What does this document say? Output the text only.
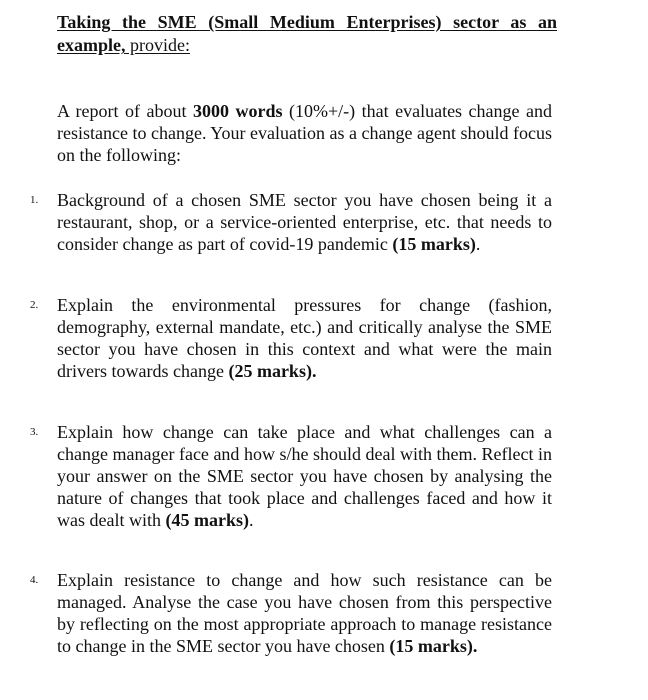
Taking the SME (Small Medium Enterprises) sector as an example, provide:
A report of about 3000 words (10%+/-) that evaluates change and resistance to change. Your evaluation as a change agent should focus on the following:
1.	Background of a chosen SME sector you have chosen being it a restaurant, shop, or a service-oriented enterprise, etc. that needs to consider change as part of covid-19 pandemic (15 marks).
2.	Explain the environmental pressures for change (fashion, demography, external mandate, etc.) and critically analyse the SME sector you have chosen in this context and what were the main drivers towards change (25 marks).
3.	Explain how change can take place and what challenges can a change manager face and how s/he should deal with them. Reflect in your answer on the SME sector you have chosen by analysing the nature of changes that took place and challenges faced and how it was dealt with (45 marks).
4.	Explain resistance to change and how such resistance can be managed. Analyse the case you have chosen from this perspective by reflecting on the most appropriate approach to manage resistance to change in the SME sector you have chosen (15 marks).
